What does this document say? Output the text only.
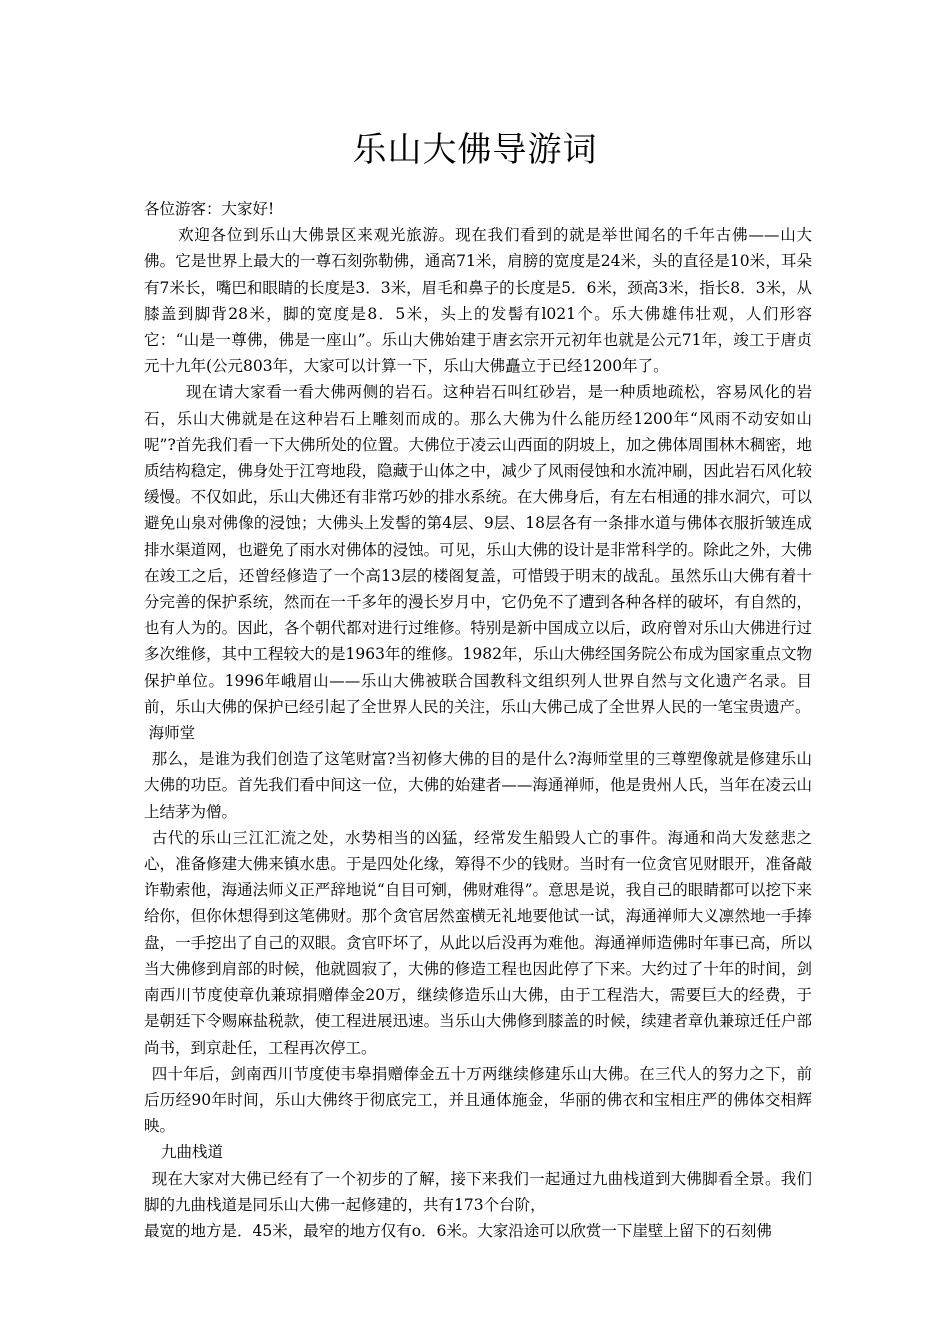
乐山大佛导游词

各位游客：大家好!

欢迎各位到乐山大佛景区来观光旅游。现在我们看到的就是举世闻名的千年古佛——山大佛。它是世界上最大的一尊石刻弥勒佛，通高71米，肩膀的宽度是24米，头的直径是10米，耳朵有7米长，嘴巴和眼睛的长度是3．3米，眉毛和鼻子的长度是5．6米，颈高3米，指长8．3米，从膝盖到脚背28米，脚的宽度是8．5米，头上的发髻有l021个。乐大佛雄伟壮观，人们形容它：“山是一尊佛，佛是一座山”。乐山大佛始建于唐玄宗开元初年也就是公元71年，竣工于唐贞元十九年(公元803年，大家可以计算一下，乐山大佛矗立于已经1200年了。

现在请大家看一看大佛两侧的岩石。这种岩石叫红砂岩，是一种质地疏松，容易风化的岩石，乐山大佛就是在这种岩石上雕刻而成的。那么大佛为什么能历经1200年“风雨不动安如山呢”?首先我们看一下大佛所处的位置。大佛位于凌云山西面的阴坡上，加之佛体周围林木稠密，地质结构稳定，佛身处于江弯地段，隐藏于山体之中，减少了风雨侵蚀和水流冲刷，因此岩石风化较缓慢。不仅如此，乐山大佛还有非常巧妙的排水系统。在大佛身后，有左右相通的排水洞穴，可以避免山泉对佛像的浸蚀；大佛头上发髻的第4层、9层、18层各有一条排水道与佛体衣服折皱连成排水渠道网，也避免了雨水对佛体的浸蚀。可见，乐山大佛的设计是非常科学的。除此之外，大佛在竣工之后，还曾经修造了一个高13层的楼阁复盖，可惜毁于明末的战乱。虽然乐山大佛有着十分完善的保护系统，然而在一千多年的漫长岁月中，它仍免不了遭到各种各样的破坏，有自然的，也有人为的。因此，各个朝代都对进行过维修。特别是新中国成立以后，政府曾对乐山大佛进行过多次维修，其中工程较大的是1963年的维修。1982年，乐山大佛经国务院公布成为国家重点文物保护单位。1996年峨眉山——乐山大佛被联合国教科文组织列人世界自然与文化遗产名录。目前，乐山大佛的保护已经引起了全世界人民的关注，乐山大佛己成了全世界人民的一笔宝贵遗产。

海师堂

那么，是谁为我们创造了这笔财富?当初修大佛的目的是什么?海师堂里的三尊塑像就是修建乐山大佛的功臣。首先我们看中间这一位，大佛的始建者——海通禅师，他是贵州人氏，当年在凌云山上结茅为僧。

古代的乐山三江汇流之处，水势相当的凶猛，经常发生船毁人亡的事件。海通和尚大发慈悲之心，准备修建大佛来镇水患。于是四处化缘，筹得不少的钱财。当时有一位贪官见财眼开，准备敲诈勒索他，海通法师义正严辞地说“自目可剜，佛财难得”。意思是说，我自己的眼睛都可以挖下来给你，但你休想得到这笔佛财。那个贪官居然蛮横无礼地要他试一试，海通禅师大义凛然地一手捧盘，一手挖出了自己的双眼。贪官吓坏了，从此以后没再为难他。海通禅师造佛时年事已高，所以当大佛修到肩部的时候，他就圆寂了，大佛的修造工程也因此停了下来。大约过了十年的时间，剑南西川节度使章仇兼琼捐赠俸金20万，继续修造乐山大佛，由于工程浩大，需要巨大的经费，于是朝廷下令赐麻盐税款，使工程进展迅速。当乐山大佛修到膝盖的时候，续建者章仇兼琼迁任户部尚书，到京赴任，工程再次停工。

四十年后，剑南西川节度使韦皋捐赠俸金五十万两继续修建乐山大佛。在三代人的努力之下，前后历经90年时间，乐山大佛终于彻底完工，并且通体施金，华丽的佛衣和宝相庄严的佛体交相辉映。

九曲栈道

现在大家对大佛已经有了一个初步的了解，接下来我们一起通过九曲栈道到大佛脚看全景。我们脚的九曲栈道是同乐山大佛一起修建的，共有173个台阶，

最宽的地方是．45米，最窄的地方仅有o．6米。大家沿途可以欣赏一下崖壁上留下的石刻佛
